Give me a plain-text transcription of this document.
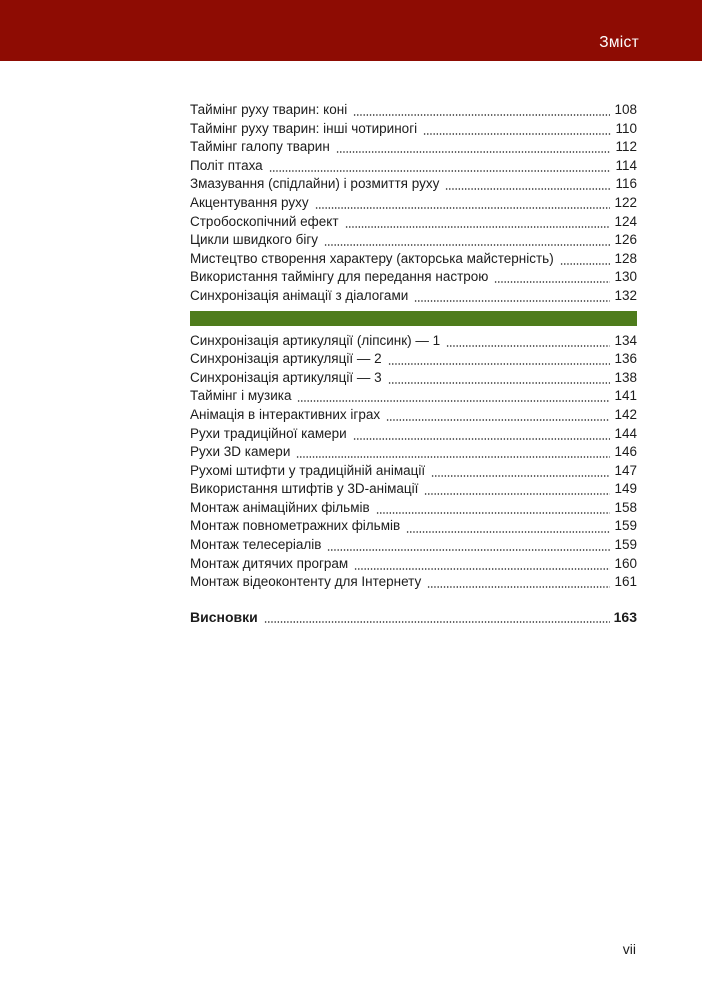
Зміст
Таймінг руху тварин: коні	108
Таймінг руху тварин: інші чотириногі	110
Таймінг галопу тварин	112
Політ птаха	114
Змазування (спідлайни) і розмиття руху	116
Акцентування руху	122
Стробоскопічний ефект	124
Цикли швидкого бігу	126
Мистецтво створення характеру (акторська майстерність)	128
Використання таймінгу для передання настрою	130
Синхронізація анімації з діалогами	132
Синхронізація артикуляції (ліпсинк) — 1	134
Синхронізація артикуляції — 2	136
Синхронізація артикуляції — 3	138
Таймінг і музика	141
Анімація в інтерактивних іграх	142
Рухи традиційної камери	144
Рухи 3D камери	146
Рухомі штифти у традиційній анімації	147
Використання штифтів у 3D-анімації	149
Монтаж анімаційних фільмів	158
Монтаж повнометражних фільмів	159
Монтаж телесеріалів	159
Монтаж дитячих програм	160
Монтаж відеоконтенту для Інтернету	161
Висновки	163
vii
